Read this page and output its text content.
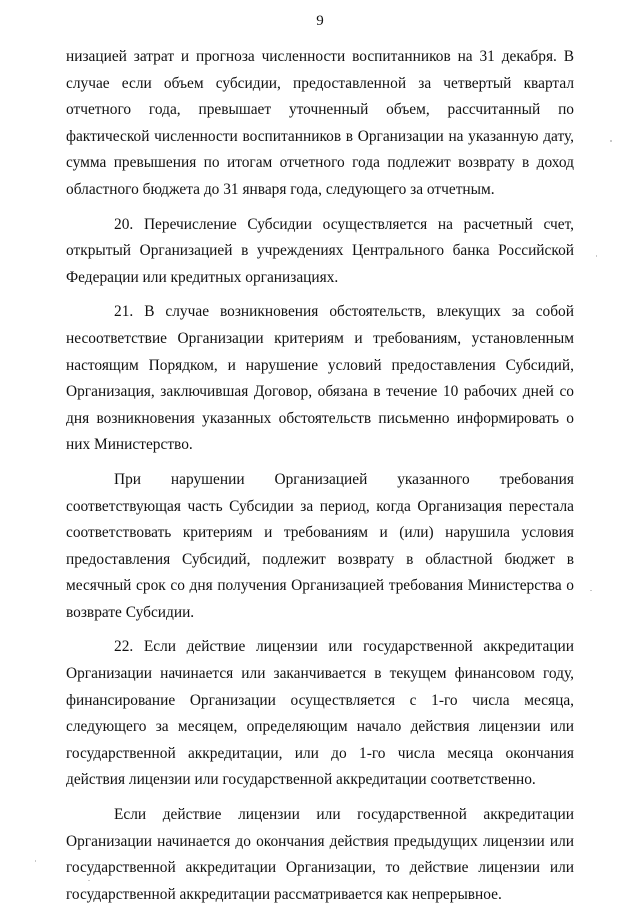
9

низацией затрат и прогноза численности воспитанников на 31 декабря. В случае если объем субсидии, предоставленной за четвертый квартал отчетного года, превышает уточненный объем, рассчитанный по фактической численности воспитанников в Организации на указанную дату, сумма превышения по итогам отчетного года подлежит возврату в доход областного бюджета до 31 января года, следующего за отчетным.

20. Перечисление Субсидии осуществляется на расчетный счет, открытый Организацией в учреждениях Центрального банка Российской Федерации или кредитных организациях.

21. В случае возникновения обстоятельств, влекущих за собой несоответствие Организации критериям и требованиям, установленным настоящим Порядком, и нарушение условий предоставления Субсидий, Организация, заключившая Договор, обязана в течение 10 рабочих дней со дня возникновения указанных обстоятельств письменно информировать о них Министерство.

При нарушении Организацией указанного требования соответствующая часть Субсидии за период, когда Организация перестала соответствовать критериям и требованиям и (или) нарушила условия предоставления Субсидий, подлежит возврату в областной бюджет в месячный срок со дня получения Организацией требования Министерства о возврате Субсидии.

22. Если действие лицензии или государственной аккредитации Организации начинается или заканчивается в текущем финансовом году, финансирование Организации осуществляется с 1-го числа месяца, следующего за месяцем, определяющим начало действия лицензии или государственной аккредитации, или до 1-го числа месяца окончания действия лицензии или государственной аккредитации соответственно.

Если действие лицензии или государственной аккредитации Организации начинается до окончания действия предыдущих лицензии или государственной аккредитации Организации, то действие лицензии или государственной аккредитации рассматривается как непрерывное.
